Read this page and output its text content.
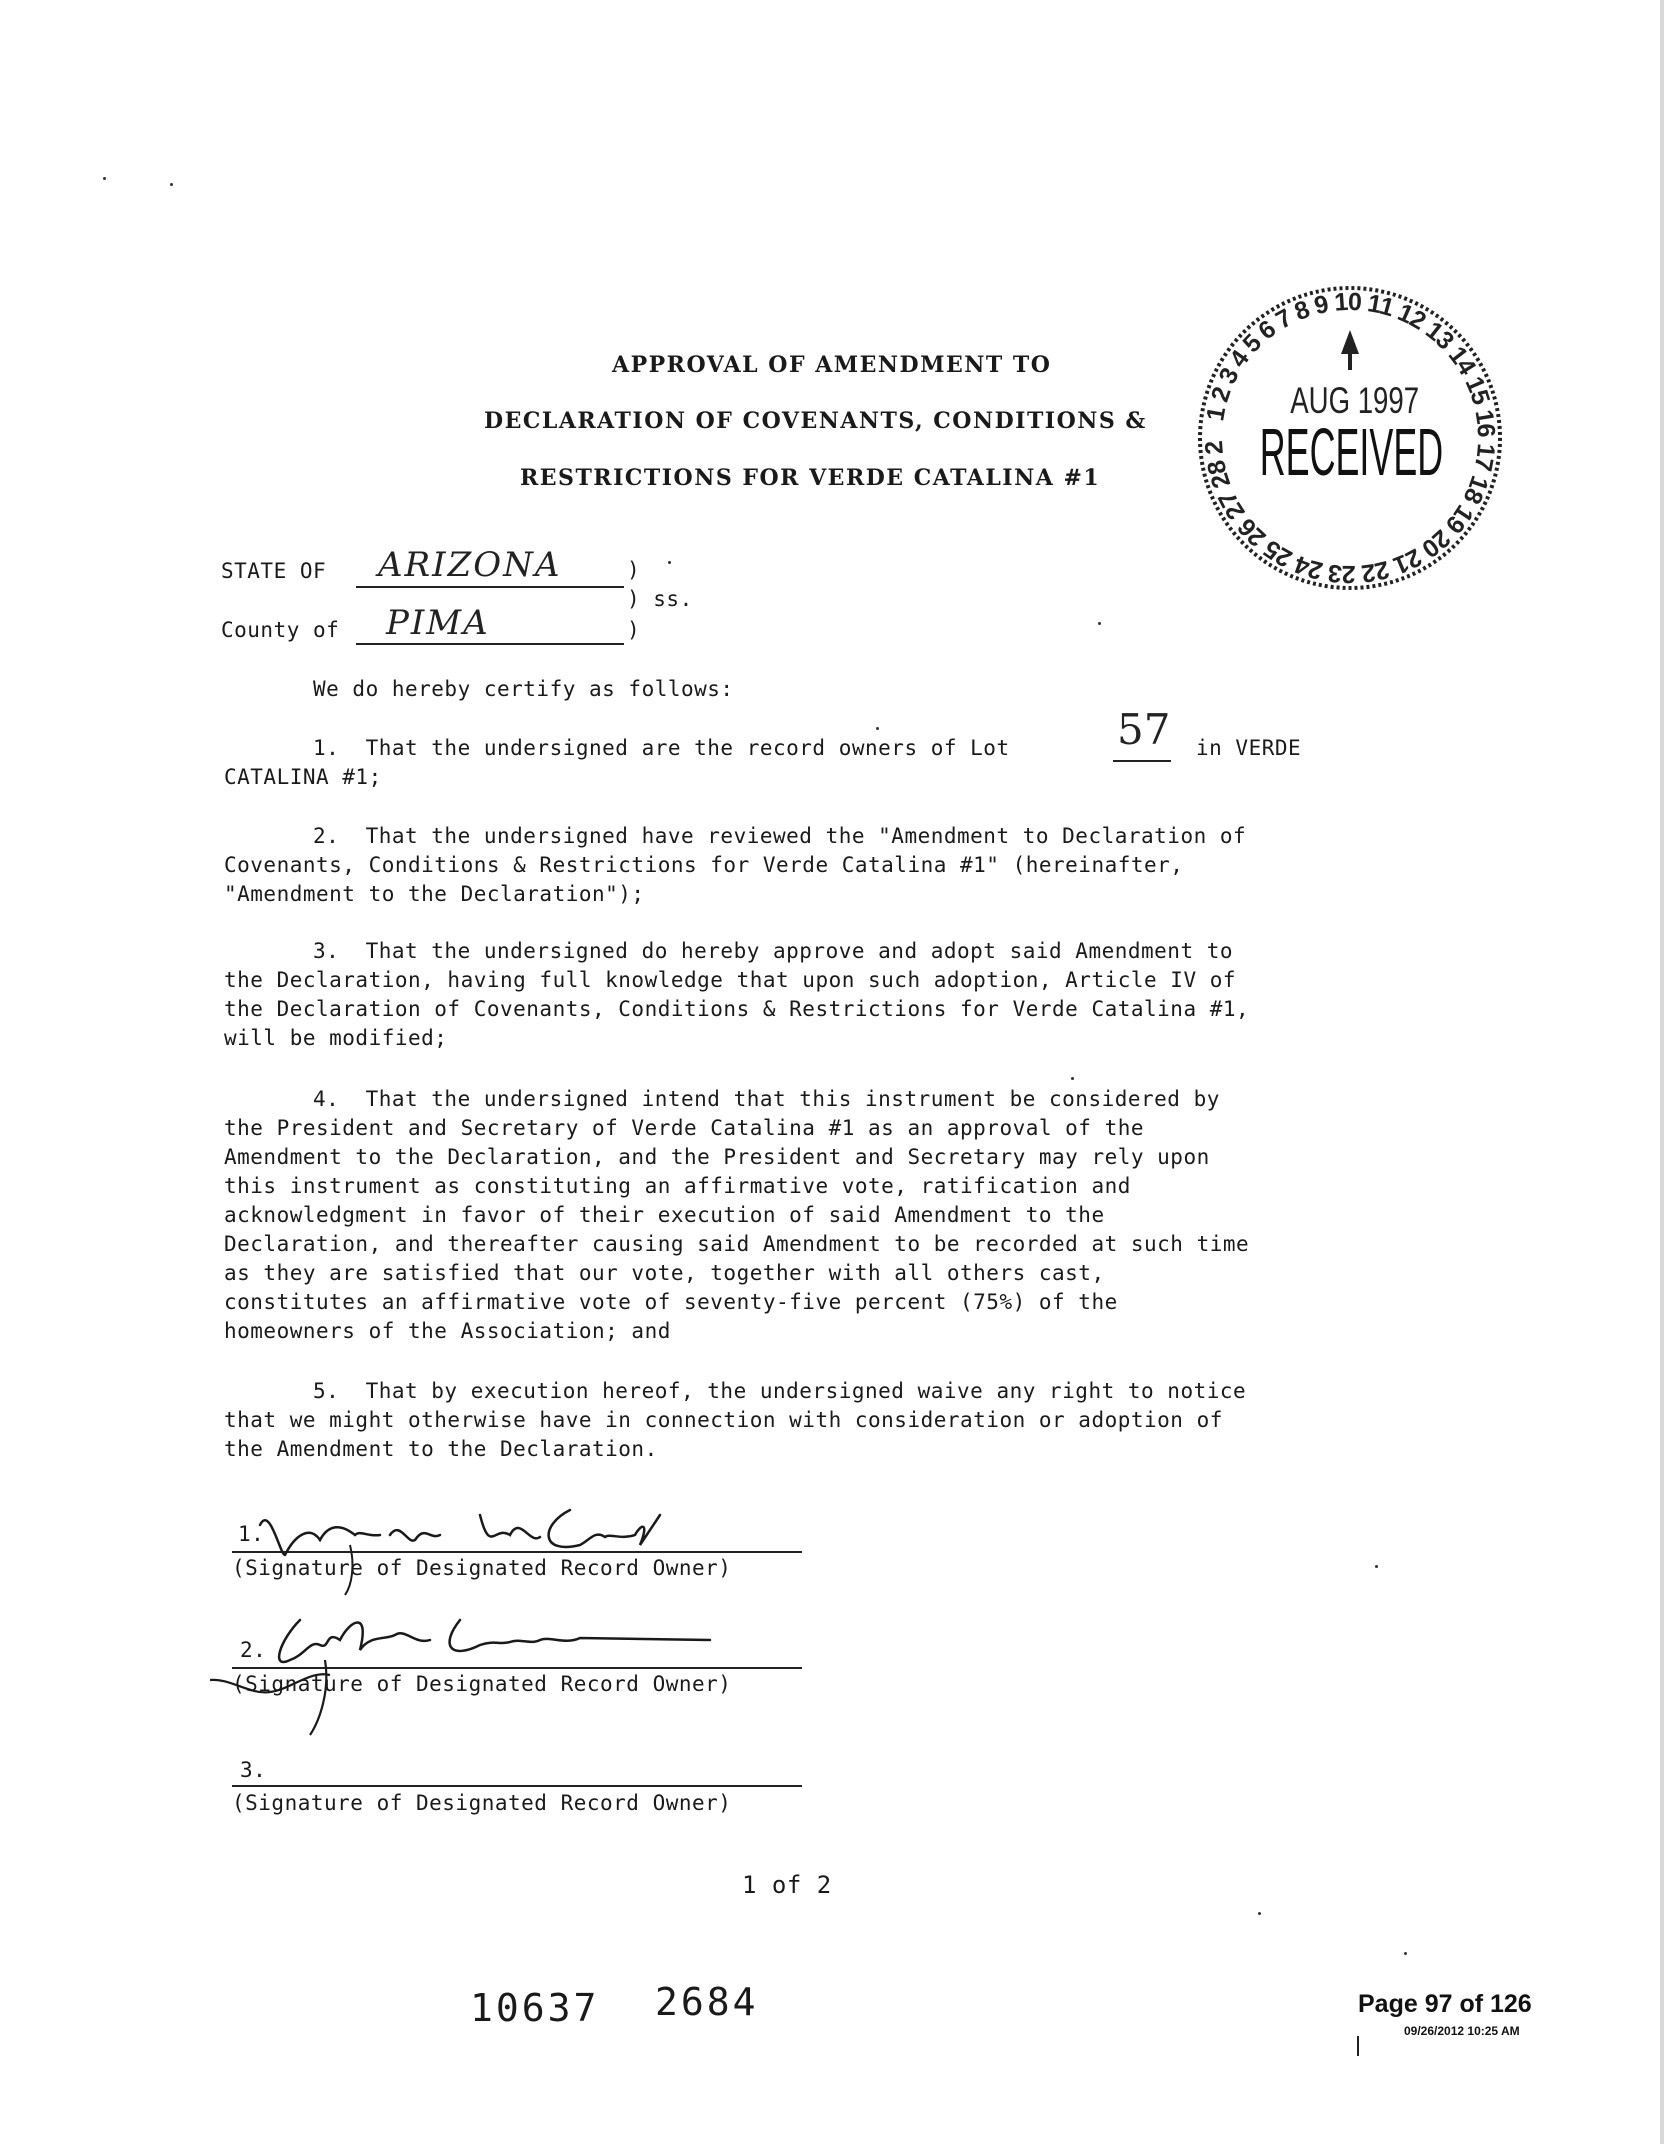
APPROVAL OF AMENDMENT TO
DECLARATION OF COVENANTS, CONDITIONS &
RESTRICTIONS FOR VERDE CATALINA #1
1 2 3 4 5 6 7 8 9 10 11 12 13 14 15 16 17 18 19 20 21 22 23 24 25 26 27 28 2
AUG 1997
RECEIVED
STATE OF ARIZONA	)
) ss.
County of PIMA	)
We do hereby certify as follows:
1.  That the undersigned are the record owners of Lot	57 in VERDE
CATALINA #1;
2.  That the undersigned have reviewed the "Amendment to Declaration of
Covenants, Conditions & Restrictions for Verde Catalina #1" (hereinafter,
"Amendment to the Declaration");
3.  That the undersigned do hereby approve and adopt said Amendment to
the Declaration, having full knowledge that upon such adoption, Article IV of
the Declaration of Covenants, Conditions & Restrictions for Verde Catalina #1,
will be modified;
4.  That the undersigned intend that this instrument be considered by
the President and Secretary of Verde Catalina #1 as an approval of the
Amendment to the Declaration, and the President and Secretary may rely upon
this instrument as constituting an affirmative vote, ratification and
acknowledgment in favor of their execution of said Amendment to the
Declaration, and thereafter causing said Amendment to be recorded at such time
as they are satisfied that our vote, together with all others cast,
constitutes an affirmative vote of seventy-five percent (75%) of the
homeowners of the Association; and
5.  That by execution hereof, the undersigned waive any right to notice
that we might otherwise have in connection with consideration or adoption of
the Amendment to the Declaration.
1.
(Signature of Designated Record Owner)
2.
(Signature of Designated Record Owner)
3.
(Signature of Designated Record Owner)
1 of 2
10637 2684	Page 97 of 126
09/26/2012 10:25 AM
